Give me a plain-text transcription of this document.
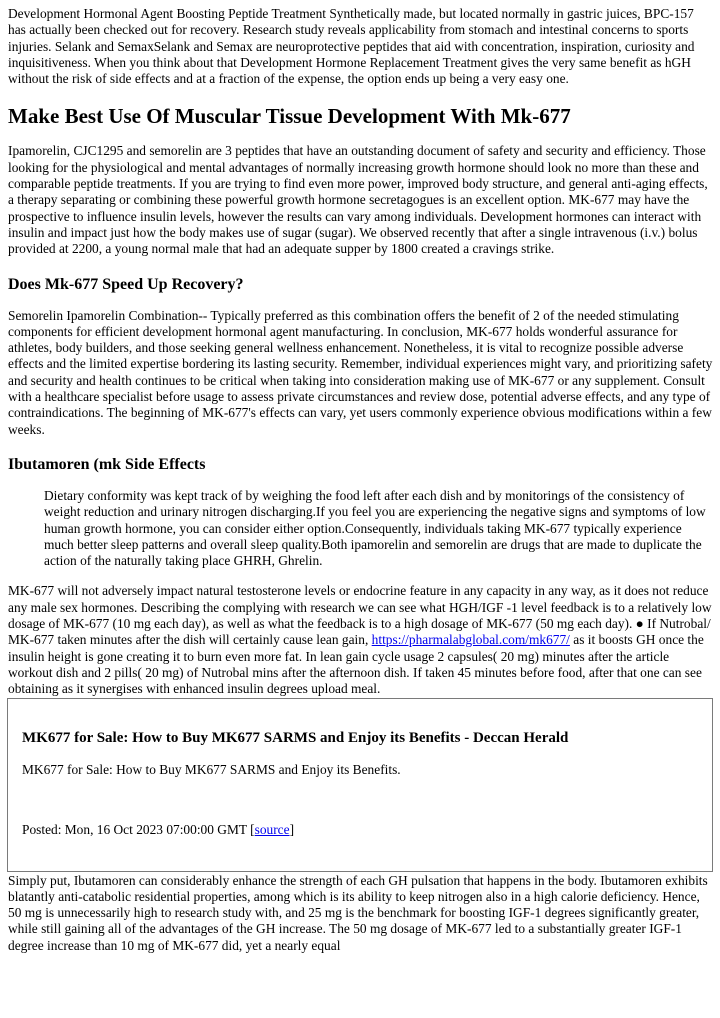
Development Hormonal Agent Boosting Peptide Treatment Synthetically made, but located normally in gastric juices, BPC-157 has actually been checked out for recovery. Research study reveals applicability from stomach and intestinal concerns to sports injuries. Selank and SemaxSelank and Semax are neuroprotective peptides that aid with concentration, inspiration, curiosity and inquisitiveness. When you think about that Development Hormone Replacement Treatment gives the very same benefit as hGH without the risk of side effects and at a fraction of the expense, the option ends up being a very easy one.

Make Best Use Of Muscular Tissue Development With Mk-677

Ipamorelin, CJC1295 and semorelin are 3 peptides that have an outstanding document of safety and security and efficiency. Those looking for the physiological and mental advantages of normally increasing growth hormone should look no more than these and comparable peptide treatments. If you are trying to find even more power, improved body structure, and general anti-aging effects, a therapy separating or combining these powerful growth hormone secretagogues is an excellent option. MK-677 may have the prospective to influence insulin levels, however the results can vary among individuals. Development hormones can interact with insulin and impact just how the body makes use of sugar (sugar). We observed recently that after a single intravenous (i.v.) bolus provided at 2200, a young normal male that had an adequate supper by 1800 created a cravings strike.

Does Mk-677 Speed Up Recovery?

Semorelin Ipamorelin Combination-- Typically preferred as this combination offers the benefit of 2 of the needed stimulating components for efficient development hormonal agent manufacturing. In conclusion, MK-677 holds wonderful assurance for athletes, body builders, and those seeking general wellness enhancement. Nonetheless, it is vital to recognize possible adverse effects and the limited expertise bordering its lasting security. Remember, individual experiences might vary, and prioritizing safety and security and health continues to be critical when taking into consideration making use of MK-677 or any supplement. Consult with a healthcare specialist before usage to assess private circumstances and review dose, potential adverse effects, and any type of contraindications. The beginning of MK-677's effects can vary, yet users commonly experience obvious modifications within a few weeks.

Ibutamoren (mk Side Effects
Dietary conformity was kept track of by weighing the food left after each dish and by monitorings of the consistency of weight reduction and urinary nitrogen discharging.If you feel you are experiencing the negative signs and symptoms of low human growth hormone, you can consider either option.Consequently, individuals taking MK-677 typically experience much better sleep patterns and overall sleep quality.Both ipamorelin and semorelin are drugs that are made to duplicate the action of the naturally taking place GHRH, Ghrelin.

MK-677 will not adversely impact natural testosterone levels or endocrine feature in any capacity in any way, as it does not reduce any male sex hormones. Describing the complying with research we can see what HGH/IGF -1 level feedback is to a relatively low dosage of MK-677 (10 mg each day), as well as what the feedback is to a high dosage of MK-677 (50 mg each day). ● If Nutrobal/ MK-677 taken minutes after the dish will certainly cause lean gain, https://pharmalabglobal.com/mk677/ as it boosts GH once the insulin height is gone creating it to burn even more fat. In lean gain cycle usage 2 capsules( 20 mg) minutes after the article workout dish and 2 pills( 20 mg) of Nutrobal mins after the afternoon dish. If taken 45 minutes before food, after that one can see obtaining as it synergises with enhanced insulin degrees upload meal.

MK677 for Sale: How to Buy MK677 SARMS and Enjoy its Benefits - Deccan Herald

MK677 for Sale: How to Buy MK677 SARMS and Enjoy its Benefits.

Posted: Mon, 16 Oct 2023 07:00:00 GMT [source]

Simply put, Ibutamoren can considerably enhance the strength of each GH pulsation that happens in the body. Ibutamoren exhibits blatantly anti-catabolic residential properties, among which is its ability to keep nitrogen also in a high calorie deficiency. Hence, 50 mg is unnecessarily high to research study with, and 25 mg is the benchmark for boosting IGF-1 degrees significantly greater, while still gaining all of the advantages of the GH increase. The 50 mg dosage of MK-677 led to a substantially greater IGF-1 degree increase than 10 mg of MK-677 did, yet a nearly equal
